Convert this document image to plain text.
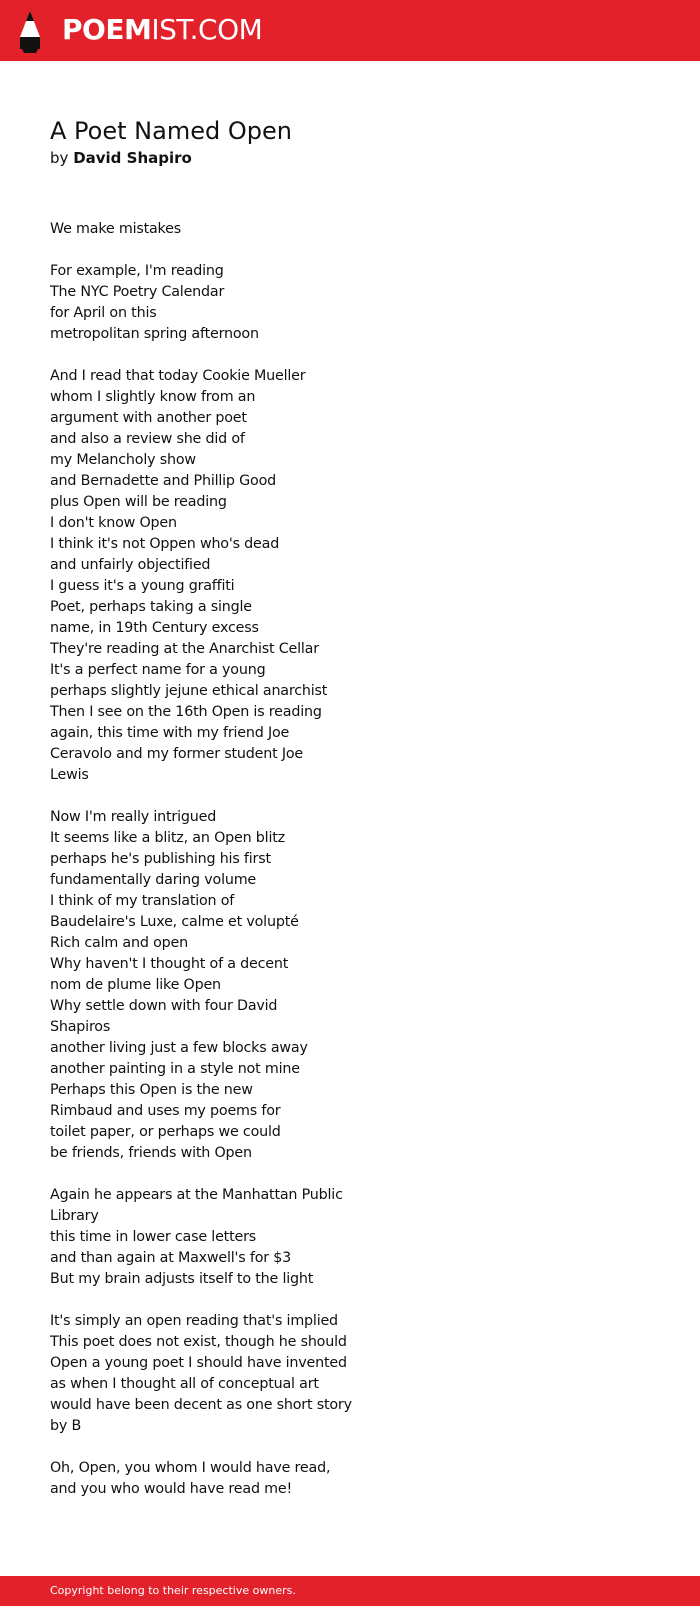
POEMIST.COM
A Poet Named Open
by David Shapiro
We make mistakes
For example, I'm reading
The NYC Poetry Calendar
for April on this
metropolitan spring afternoon
And I read that today Cookie Mueller
whom I slightly know from an
argument with another poet
and also a review she did of
my Melancholy show
and Bernadette and Phillip Good
plus Open will be reading
I don't know Open
I think it's not Oppen who's dead
and unfairly objectified
I guess it's a young graffiti
Poet, perhaps taking a single
name, in 19th Century excess
They're reading at the Anarchist Cellar
It's a perfect name for a young
perhaps slightly jejune ethical anarchist
Then I see on the 16th Open is reading
again, this time with my friend Joe
Ceravolo and my former student Joe
Lewis
Now I'm really intrigued
It seems like a blitz, an Open blitz
perhaps he's publishing his first
fundamentally daring volume
I think of my translation of
Baudelaire's Luxe, calme et volupté
Rich calm and open
Why haven't I thought of a decent
nom de plume like Open
Why settle down with four David
Shapiros
another living just a few blocks away
another painting in a style not mine
Perhaps this Open is the new
Rimbaud and uses my poems for
toilet paper, or perhaps we could
be friends, friends with Open
Again he appears at the Manhattan Public
Library
this time in lower case letters
and than again at Maxwell's for $3
But my brain adjusts itself to the light
It's simply an open reading that's implied
This poet does not exist, though he should
Open a young poet I should have invented
as when I thought all of conceptual art
would have been decent as one short story
by B
Oh, Open, you whom I would have read,
and you who would have read me!
Copyright belong to their respective owners.
